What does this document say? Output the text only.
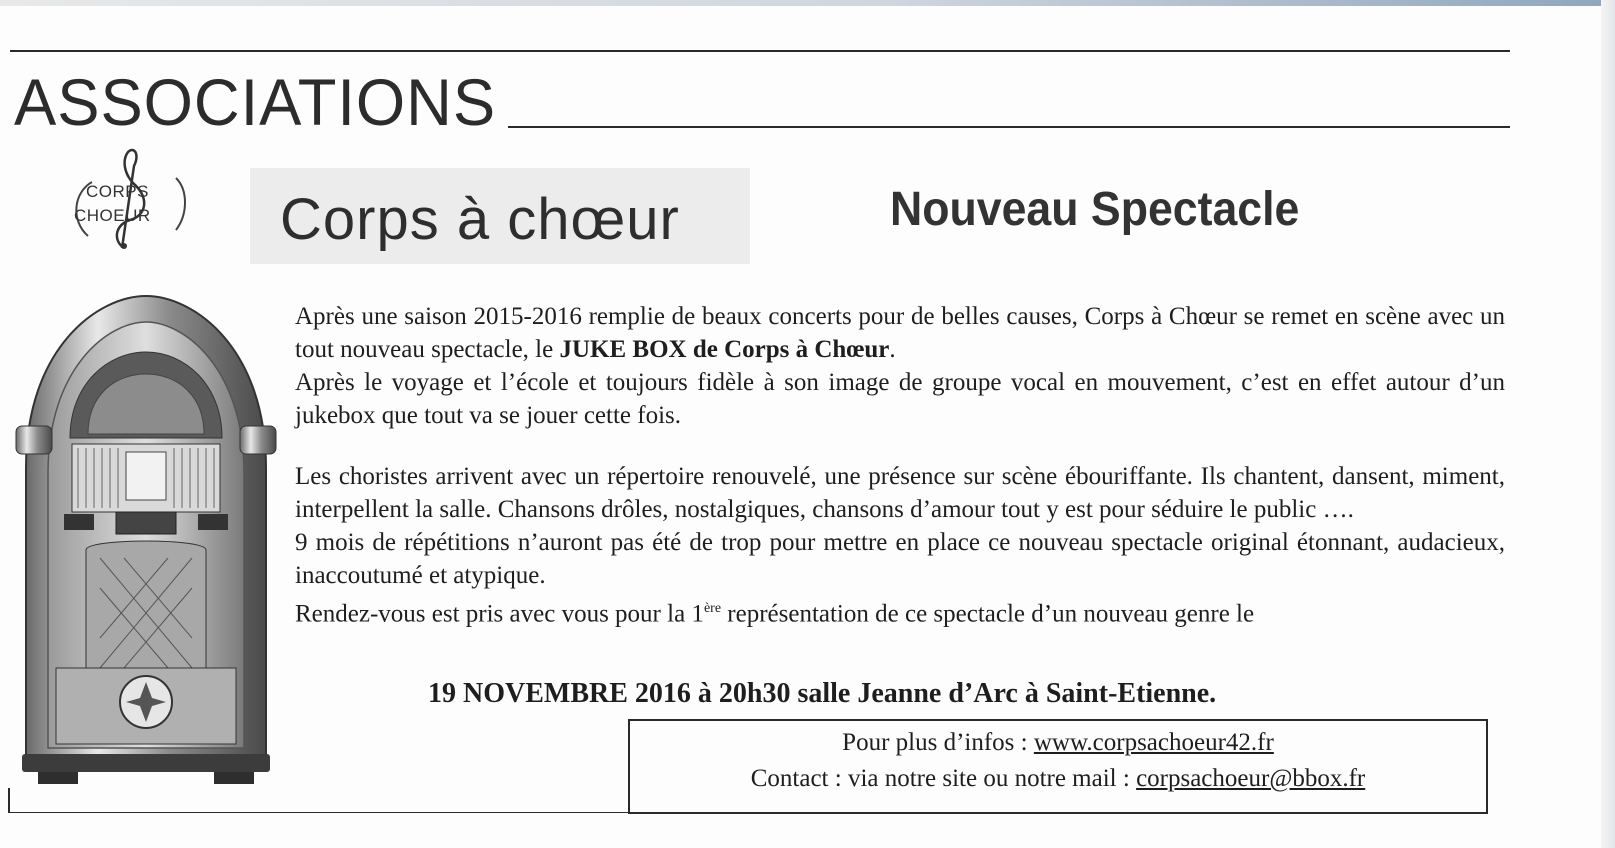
ASSOCIATIONS
CORPS
CHOEUR Corps à chœur	Nouveau Spectacle

Après une saison 2015-2016 remplie de beaux concerts pour de belles causes, Corps à Chœur se remet en scène avec un tout nouveau spectacle, le JUKE BOX de Corps à Chœur.
Après le voyage et l’école et toujours fidèle à son image de groupe vocal en mouvement, c’est en effet autour d’un jukebox que tout va se jouer cette fois.

Les choristes arrivent avec un répertoire renouvelé, une présence sur scène ébouriffante. Ils chantent, dansent, miment, interpellent la salle. Chansons drôles, nostalgiques, chansons d’amour tout y est pour séduire le public ….
9 mois de répétitions n’auront pas été de trop pour mettre en place ce nouveau spectacle original étonnant, audacieux, inaccoutumé et atypique.
Rendez-vous est pris avec vous pour la 1ère représentation de ce spectacle d’un nouveau genre le

19 NOVEMBRE 2016 à 20h30 salle Jeanne d’Arc à Saint-Etienne.
Pour plus d’infos : www.corpsachoeur42.fr
Contact : via notre site ou notre mail : corpsachoeur@bbox.fr
